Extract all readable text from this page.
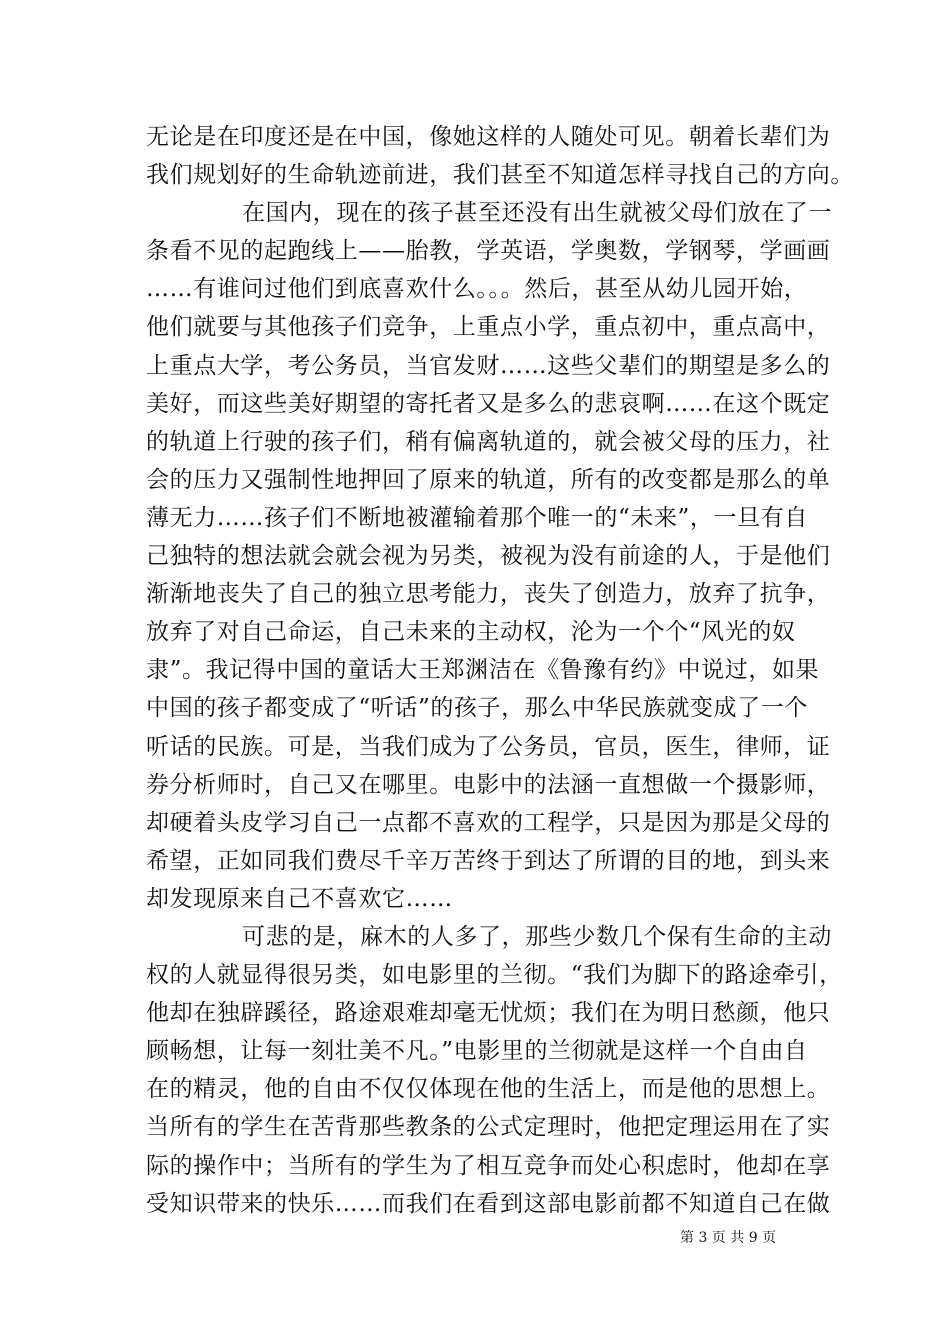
无论是在印度还是在中国，像她这样的人随处可见。朝着长辈们为
我们规划好的生命轨迹前进，我们甚至不知道怎样寻找自己的方向。
在国内，现在的孩子甚至还没有出生就被父母们放在了一
条看不见的起跑线上——胎教，学英语，学奥数，学钢琴，学画画
……有谁问过他们到底喜欢什么。。。然后，甚至从幼儿园开始，
他们就要与其他孩子们竞争，上重点小学，重点初中，重点高中，
上重点大学，考公务员，当官发财……这些父辈们的期望是多么的
美好，而这些美好期望的寄托者又是多么的悲哀啊……在这个既定
的轨道上行驶的孩子们，稍有偏离轨道的，就会被父母的压力，社
会的压力又强制性地押回了原来的轨道，所有的改变都是那么的单
薄无力……孩子们不断地被灌输着那个唯一的“未来”，一旦有自
己独特的想法就会就会视为另类，被视为没有前途的人，于是他们
渐渐地丧失了自己的独立思考能力，丧失了创造力，放弃了抗争，
放弃了对自己命运，自己未来的主动权，沦为一个个“风光的奴
隶”。我记得中国的童话大王郑渊洁在《鲁豫有约》中说过，如果
中国的孩子都变成了“听话”的孩子，那么中华民族就变成了一个
听话的民族。可是，当我们成为了公务员，官员，医生，律师，证
券分析师时，自己又在哪里。电影中的法涵一直想做一个摄影师，
却硬着头皮学习自己一点都不喜欢的工程学，只是因为那是父母的
希望，正如同我们费尽千辛万苦终于到达了所谓的目的地，到头来
却发现原来自己不喜欢它……
可悲的是，麻木的人多了，那些少数几个保有生命的主动
权的人就显得很另类，如电影里的兰彻。“我们为脚下的路途牵引，
他却在独辟蹊径，路途艰难却毫无忧烦；我们在为明日愁颜，他只
顾畅想，让每一刻壮美不凡。”电影里的兰彻就是这样一个自由自
在的精灵，他的自由不仅仅体现在他的生活上，而是他的思想上。
当所有的学生在苦背那些教条的公式定理时，他把定理运用在了实
际的操作中；当所有的学生为了相互竞争而处心积虑时，他却在享
受知识带来的快乐……而我们在看到这部电影前都不知道自己在做
第 3 页 共 9 页
